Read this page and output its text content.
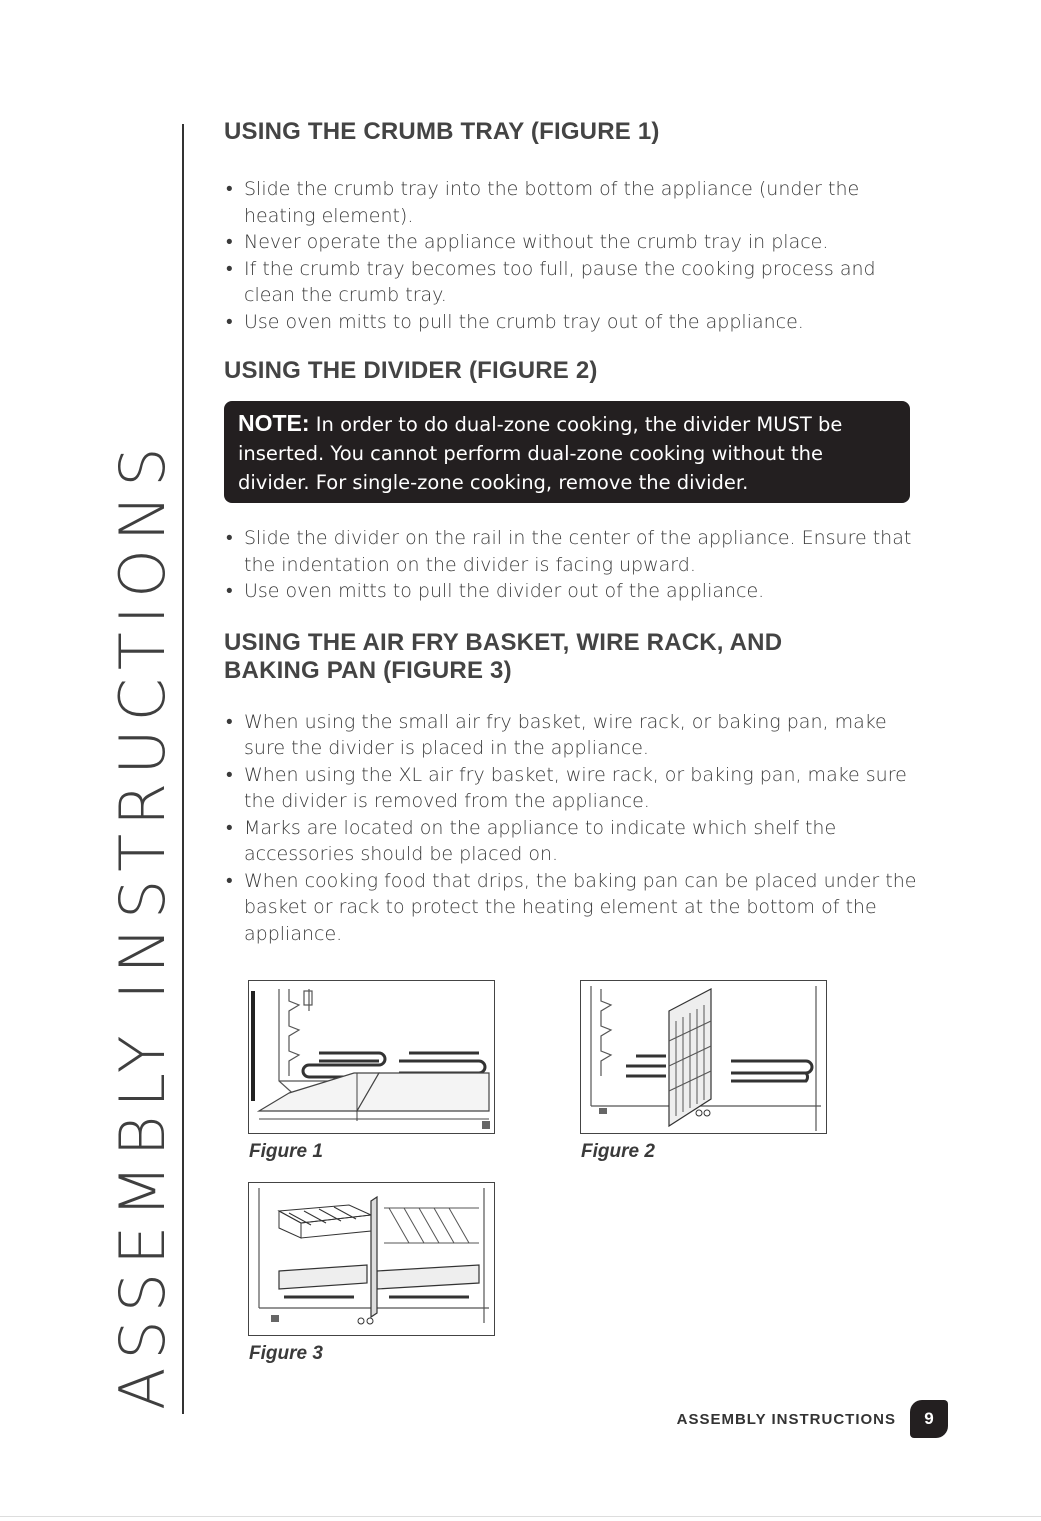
ASSEMBLY INSTRUCTIONS
USING THE CRUMB TRAY (FIGURE 1)
• Slide the crumb tray into the bottom of the appliance (under the heating element).
• Never operate the appliance without the crumb tray in place.
• If the crumb tray becomes too full, pause the cooking process and clean the crumb tray.
• Use oven mitts to pull the crumb tray out of the appliance.
USING THE DIVIDER (FIGURE 2)
NOTE: In order to do dual-zone cooking, the divider MUST be inserted. You cannot perform dual-zone cooking without the divider. For single-zone cooking, remove the divider.
• Slide the divider on the rail in the center of the appliance. Ensure that the indentation on the divider is facing upward.
• Use oven mitts to pull the divider out of the appliance.
USING THE AIR FRY BASKET, WIRE RACK, AND BAKING PAN (FIGURE 3)
• When using the small air fry basket, wire rack, or baking pan, make sure the divider is placed in the appliance.
• When using the XL air fry basket, wire rack, or baking pan, make sure the divider is removed from the appliance.
• Marks are located on the appliance to indicate which shelf the accessories should be placed on.
• When cooking food that drips, the baking pan can be placed under the basket or rack to protect the heating element at the bottom of the appliance.
Figure 1	Figure 2
Figure 3
ASSEMBLY INSTRUCTIONS	9
